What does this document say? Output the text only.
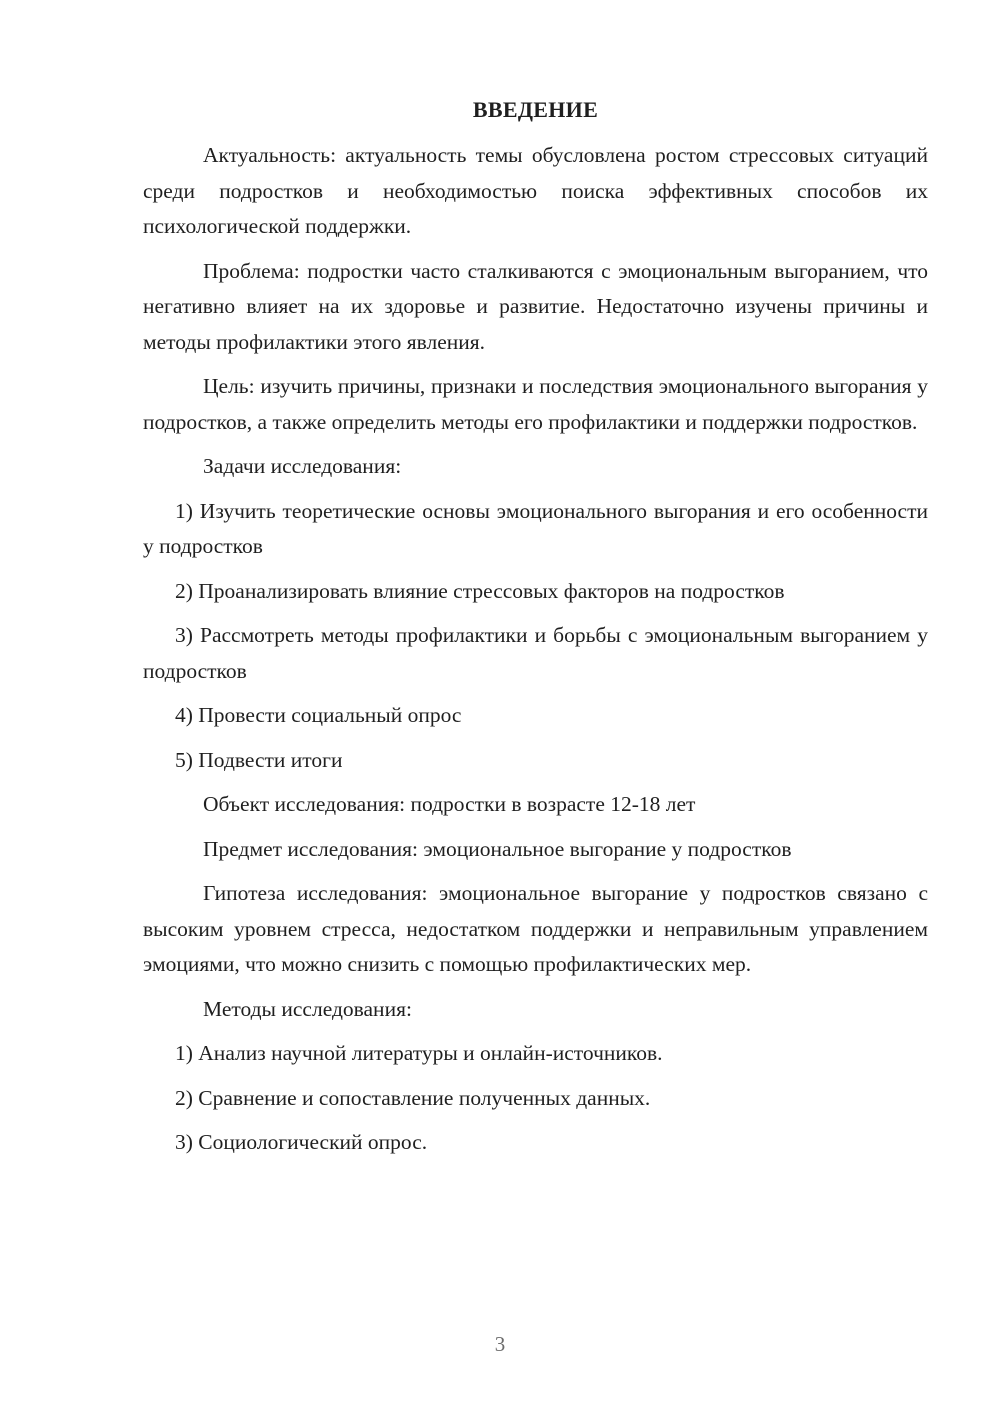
ВВЕДЕНИЕ

Актуальность: актуальность темы обусловлена ростом стрессовых ситуаций среди подростков и необходимостью поиска эффективных способов их психологической поддержки.

Проблема: подростки часто сталкиваются с эмоциональным выгоранием, что негативно влияет на их здоровье и развитие. Недостаточно изучены причины и методы профилактики этого явления.

Цель: изучить причины, признаки и последствия эмоционального выгорания у подростков, а также определить методы его профилактики и поддержки подростков.

Задачи исследования:

1) Изучить теоретические основы эмоционального выгорания и его особенности у подростков

2) Проанализировать влияние стрессовых факторов на подростков

3) Рассмотреть методы профилактики и борьбы с эмоциональным выгоранием у подростков

4) Провести социальный опрос

5) Подвести итоги

Объект исследования: подростки в возрасте 12-18 лет

Предмет исследования: эмоциональное выгорание у подростков

Гипотеза исследования: эмоциональное выгорание у подростков связано с высоким уровнем стресса, недостатком поддержки и неправильным управлением эмоциями, что можно снизить с помощью профилактических мер.

Методы исследования:

1) Анализ научной литературы и онлайн-источников.

2) Сравнение и сопоставление полученных данных.

3) Социологический опрос.

3
